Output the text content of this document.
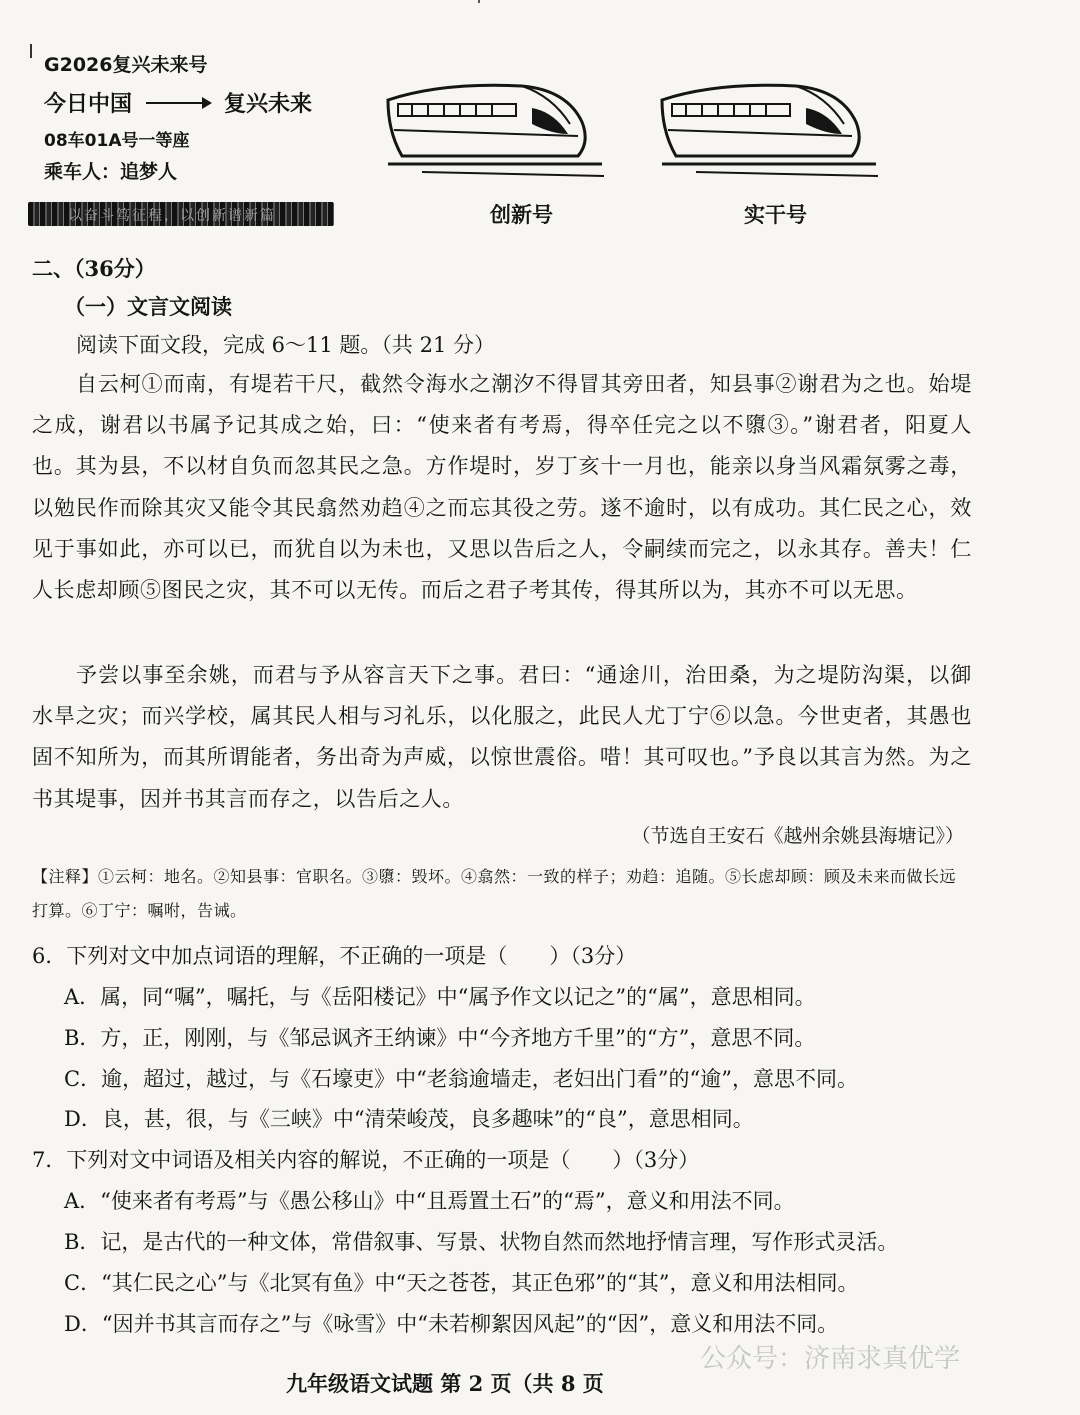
G2026复兴未来号
今日中国	复兴未来
08车01A号一等座
乘车人：追梦人
以奋斗笃征程，以创新谱新篇	创新号	实干号
二、（36分）
（一）文言文阅读
阅读下面文段，完成 6～11 题。（共 21 分）
自云柯①而南，有堤若干尺，截然令海水之潮汐不得冒其旁田者，知县事②谢君为之也。始堤之成，谢君以书属予记其成之始，曰：“使来者有考焉，得卒任完之以不隳③。”谢君者，阳夏人也。其为县，不以材自负而忽其民之急。方作堤时，岁丁亥十一月也，能亲以身当风霜氛雾之毒，以勉民作而除其灾又能令其民翕然劝趋④之而忘其役之劳。遂不逾时，以有成功。其仁民之心，效见于事如此，亦可以已，而犹自以为未也，又思以告后之人，令嗣续而完之，以永其存。善夫！仁人长虑却顾⑤图民之灾，其不可以无传。而后之君子考其传，得其所以为，其亦不可以无思。
予尝以事至余姚，而君与予从容言天下之事。君曰：“通途川，治田桑，为之堤防沟渠，以御水旱之灾；而兴学校，属其民人相与习礼乐，以化服之，此民人尤丁宁⑥以急。今世吏者，其愚也固不知所为，而其所谓能者，务出奇为声威，以惊世震俗。唶！其可叹也。”予良以其言为然。为之书其堤事，因并书其言而存之，以告后之人。
（节选自王安石《越州余姚县海塘记》）
【注释】①云柯：地名。②知县事：官职名。③隳：毁坏。④翕然：一致的样子；劝趋：追随。⑤长虑却顾：顾及未来而做长远打算。⑥丁宁：嘱咐，告诫。
6．下列对文中加点词语的理解，不正确的一项是（　　）（3分）
A．属，同“嘱”，嘱托，与《岳阳楼记》中“属予作文以记之”的“属”，意思相同。
B．方，正，刚刚，与《邹忌讽齐王纳谏》中“今齐地方千里”的“方”，意思不同。
C．逾，超过，越过，与《石壕吏》中“老翁逾墙走，老妇出门看”的“逾”，意思不同。
D．良，甚，很，与《三峡》中“清荣峻茂，良多趣味”的“良”，意思相同。
7．下列对文中词语及相关内容的解说，不正确的一项是（　　）（3分）
A．“使来者有考焉”与《愚公移山》中“且焉置土石”的“焉”，意义和用法不同。
B．记，是古代的一种文体，常借叙事、写景、状物自然而然地抒情言理，写作形式灵活。
C．“其仁民之心”与《北冥有鱼》中“天之苍苍，其正色邪”的“其”，意义和用法相同。
D．“因并书其言而存之”与《咏雪》中“未若柳絮因风起”的“因”，意义和用法不同。
公众号：济南求真优学
九年级语文试题 第 2 页（共 8 页
